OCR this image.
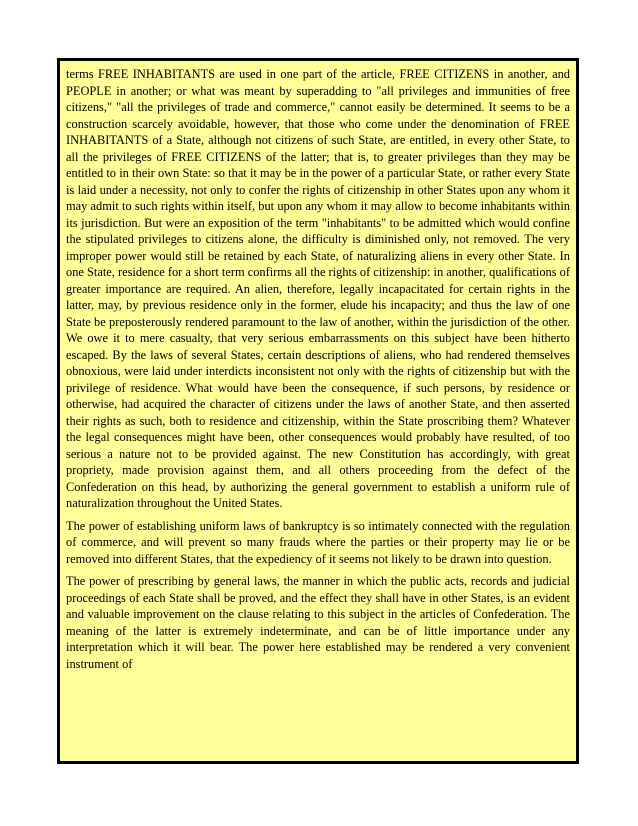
terms FREE INHABITANTS are used in one part of the article, FREE CITIZENS in another, and PEOPLE in another; or what was meant by superadding to "all privileges and immunities of free citizens," "all the privileges of trade and commerce," cannot easily be determined. It seems to be a construction scarcely avoidable, however, that those who come under the denomination of FREE INHABITANTS of a State, although not citizens of such State, are entitled, in every other State, to all the privileges of FREE CITIZENS of the latter; that is, to greater privileges than they may be entitled to in their own State: so that it may be in the power of a particular State, or rather every State is laid under a necessity, not only to confer the rights of citizenship in other States upon any whom it may admit to such rights within itself, but upon any whom it may allow to become inhabitants within its jurisdiction. But were an exposition of the term "inhabitants" to be admitted which would confine the stipulated privileges to citizens alone, the difficulty is diminished only, not removed. The very improper power would still be retained by each State, of naturalizing aliens in every other State. In one State, residence for a short term confirms all the rights of citizenship: in another, qualifications of greater importance are required. An alien, therefore, legally incapacitated for certain rights in the latter, may, by previous residence only in the former, elude his incapacity; and thus the law of one State be preposterously rendered paramount to the law of another, within the jurisdiction of the other. We owe it to mere casualty, that very serious embarrassments on this subject have been hitherto escaped. By the laws of several States, certain descriptions of aliens, who had rendered themselves obnoxious, were laid under interdicts inconsistent not only with the rights of citizenship but with the privilege of residence. What would have been the consequence, if such persons, by residence or otherwise, had acquired the character of citizens under the laws of another State, and then asserted their rights as such, both to residence and citizenship, within the State proscribing them? Whatever the legal consequences might have been, other consequences would probably have resulted, of too serious a nature not to be provided against. The new Constitution has accordingly, with great propriety, made provision against them, and all others proceeding from the defect of the Confederation on this head, by authorizing the general government to establish a uniform rule of naturalization throughout the United States.

The power of establishing uniform laws of bankruptcy is so intimately connected with the regulation of commerce, and will prevent so many frauds where the parties or their property may lie or be removed into different States, that the expediency of it seems not likely to be drawn into question.

The power of prescribing by general laws, the manner in which the public acts, records and judicial proceedings of each State shall be proved, and the effect they shall have in other States, is an evident and valuable improvement on the clause relating to this subject in the articles of Confederation. The meaning of the latter is extremely indeterminate, and can be of little importance under any interpretation which it will bear. The power here established may be rendered a very convenient instrument of
